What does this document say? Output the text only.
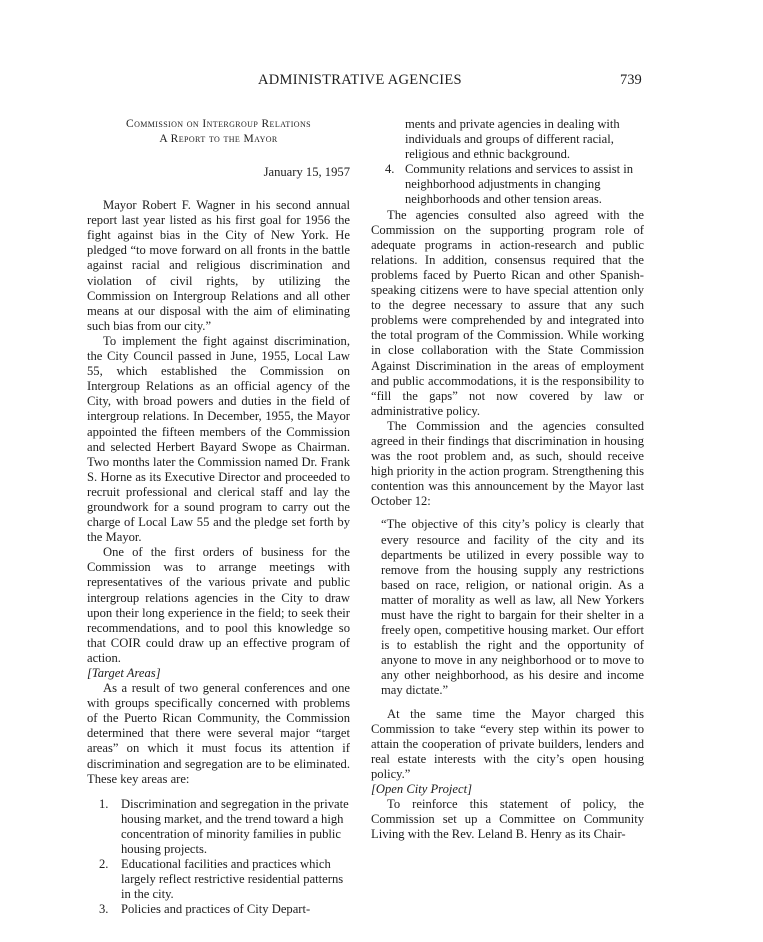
ADMINISTRATIVE AGENCIES	739
Commission on Intergroup Relations
A Report to the Mayor
January 15, 1957

Mayor Robert F. Wagner in his second annual report last year listed as his first goal for 1956 the fight against bias in the City of New York. He pledged “to move forward on all fronts in the battle against racial and religious discrimination and violation of civil rights, by utilizing the Commission on Intergroup Relations and all other means at our disposal with the aim of eliminating such bias from our city.”

To implement the fight against discrimination, the City Council passed in June, 1955, Local Law 55, which established the Commission on Intergroup Relations as an official agency of the City, with broad powers and duties in the field of intergroup relations. In December, 1955, the Mayor appointed the fifteen members of the Commission and selected Herbert Bayard Swope as Chairman. Two months later the Commission named Dr. Frank S. Horne as its Executive Director and proceeded to recruit professional and clerical staff and lay the groundwork for a sound program to carry out the charge of Local Law 55 and the pledge set forth by the Mayor.

One of the first orders of business for the Commission was to arrange meetings with representatives of the various private and public intergroup relations agencies in the City to draw upon their long experience in the field; to seek their recommendations, and to pool this knowledge so that COIR could draw up an effective program of action.

[Target Areas]

As a result of two general conferences and one with groups specifically concerned with problems of the Puerto Rican Community, the Commission determined that there were several major “target areas” on which it must focus its attention if discrimination and segregation are to be eliminated. These key areas are:

1. Discrimination and segregation in the private housing market, and the trend toward a high concentration of minority families in public housing projects.
2. Educational facilities and practices which largely reflect restrictive residential patterns in the city.
3. Policies and practices of City Depart-
ments and private agencies in dealing with individuals and groups of different racial, religious and ethnic background.
4. Community relations and services to assist in neighborhood adjustments in changing neighborhoods and other tension areas.

The agencies consulted also agreed with the Commission on the supporting program role of adequate programs in action-research and public relations. In addition, consensus required that the problems faced by Puerto Rican and other Spanish-speaking citizens were to have special attention only to the degree necessary to assure that any such problems were comprehended by and integrated into the total program of the Commission. While working in close collaboration with the State Commission Against Discrimination in the areas of employment and public accommodations, it is the responsibility to “fill the gaps” not now covered by law or administrative policy.

The Commission and the agencies consulted agreed in their findings that discrimination in housing was the root problem and, as such, should receive high priority in the action program. Strengthening this contention was this announcement by the Mayor last October 12:

“The objective of this city’s policy is clearly that every resource and facility of the city and its departments be utilized in every possible way to remove from the housing supply any restrictions based on race, religion, or national origin. As a matter of morality as well as law, all New Yorkers must have the right to bargain for their shelter in a freely open, competitive housing market. Our effort is to establish the right and the opportunity of anyone to move in any neighborhood or to move to any other neighborhood, as his desire and income may dictate.”

At the same time the Mayor charged this Commission to take “every step within its power to attain the cooperation of private builders, lenders and real estate interests with the city’s open housing policy.”

[Open City Project]

To reinforce this statement of policy, the Commission set up a Committee on Community Living with the Rev. Leland B. Henry as its Chair-
